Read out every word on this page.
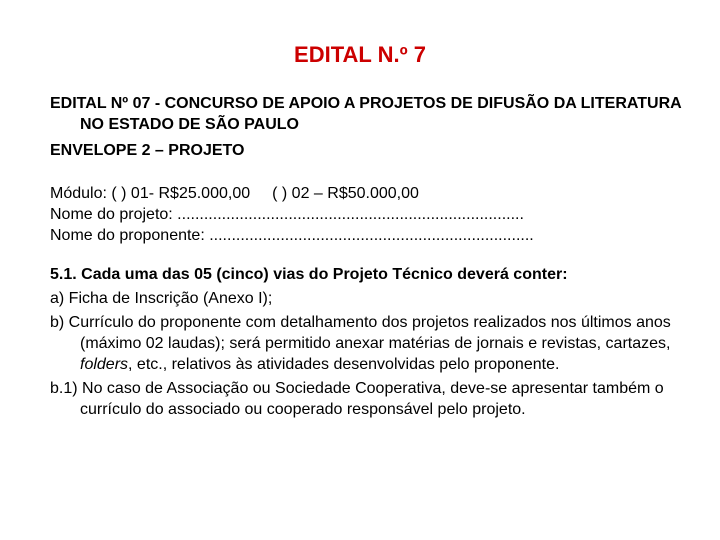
EDITAL N.º 7

EDITAL Nº 07 - CONCURSO DE APOIO A PROJETOS DE DIFUSÃO DA LITERATURA NO ESTADO DE SÃO PAULO

ENVELOPE 2 – PROJETO

Módulo: ( ) 01- R$25.000,00 ( ) 02 – R$50.000,00

Nome do projeto: ..............................................................................

Nome do proponente: .........................................................................

5.1. Cada uma das 05 (cinco) vias do Projeto Técnico deverá conter:

a) Ficha de Inscrição (Anexo I);

b) Currículo do proponente com detalhamento dos projetos realizados nos últimos anos (máximo 02 laudas); será permitido anexar matérias de jornais e revistas, cartazes, folders, etc., relativos às atividades desenvolvidas pelo proponente.

b.1) No caso de Associação ou Sociedade Cooperativa, deve-se apresentar também o currículo do associado ou cooperado responsável pelo projeto.
